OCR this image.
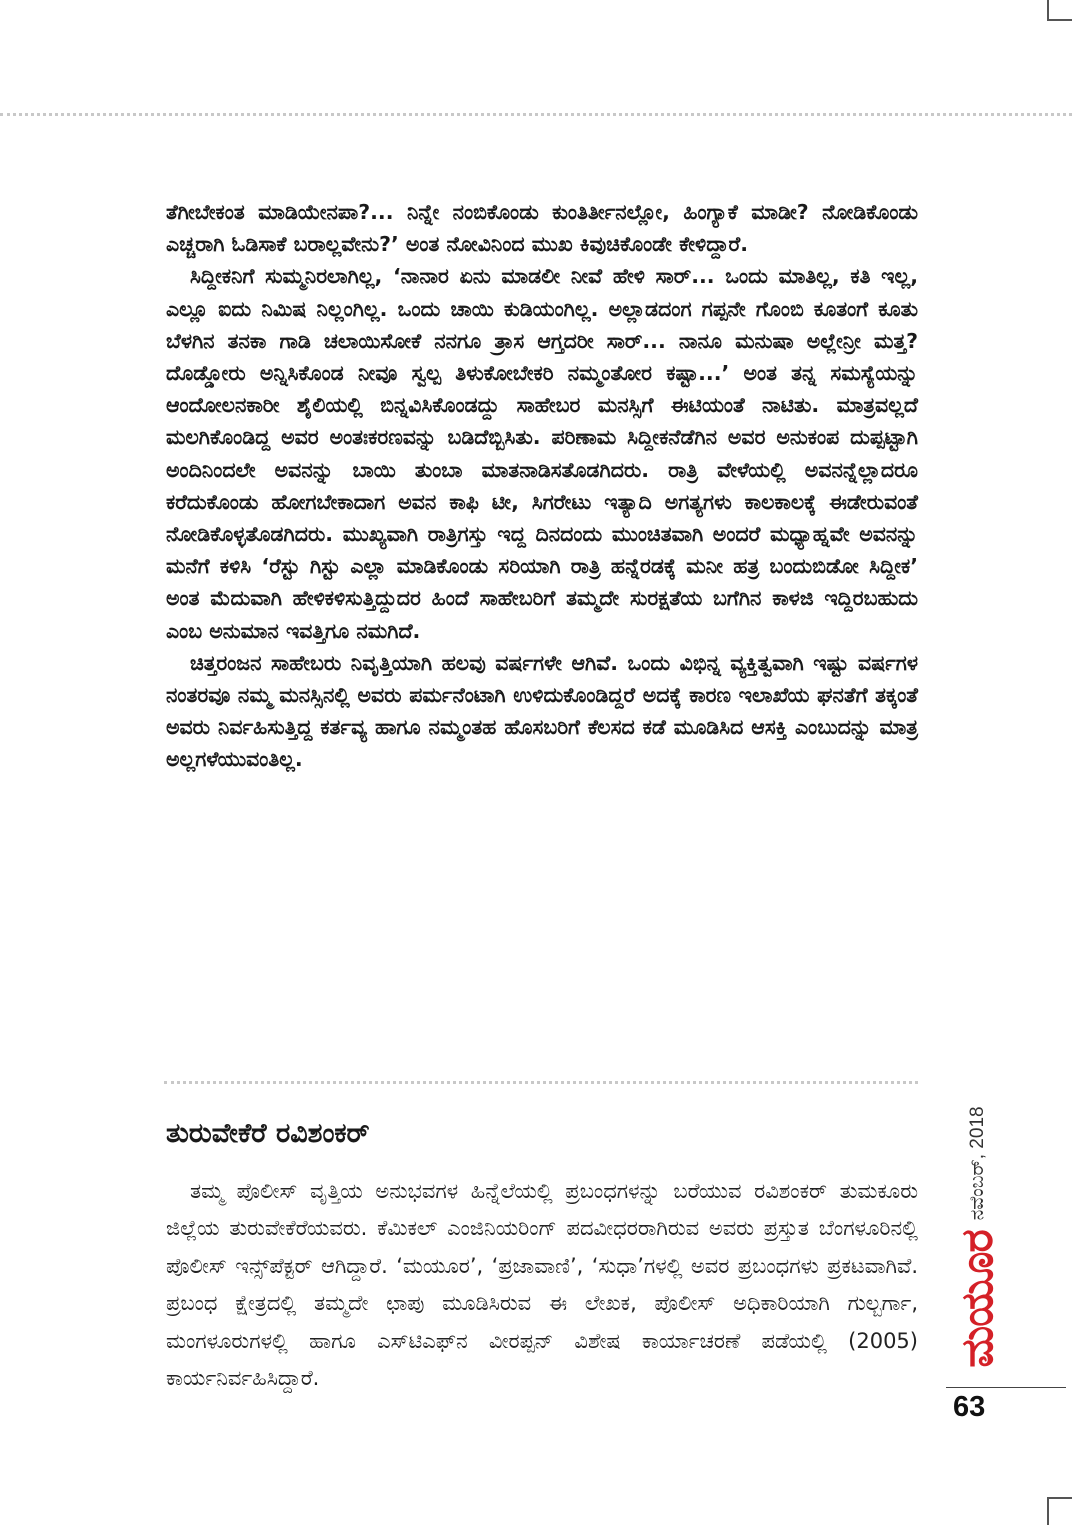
ತೆಗೀಬೇಕಂತ ಮಾಡಿಯೇನಪಾ?... ನಿನ್ನೇ ನಂಬಿಕೊಂಡು ಕುಂತಿರ್ತೀನಲ್ಲೋ, ಹಿಂಗ್ಯಾಕೆ ಮಾಡೀ? ನೋಡಿಕೊಂಡು ಎಚ್ಚರಾಗಿ ಓಡಿಸಾಕೆ ಬರಾಲ್ಲವೇನು?’ ಅಂತ ನೋವಿನಿಂದ ಮುಖ ಕಿವುಚಿಕೊಂಡೇ ಕೇಳಿದ್ದಾರೆ.

ಸಿದ್ದೀಕನಿಗೆ ಸುಮ್ಮನಿರಲಾಗಿಲ್ಲ, ‘ನಾನಾರ ಏನು ಮಾಡಲೀ ನೀವೆ ಹೇಳಿ ಸಾರ್... ಒಂದು ಮಾತಿಲ್ಲ, ಕತಿ ಇಲ್ಲ, ಎಲ್ಲೂ ಐದು ನಿಮಿಷ ನಿಲ್ಲಂಗಿಲ್ಲ. ಒಂದು ಚಾಯಿ ಕುಡಿಯಂಗಿಲ್ಲ. ಅಲ್ಲಾಡದಂಗ ಗಪ್ಪನೇ ಗೊಂಬಿ ಕೂತಂಗೆ ಕೂತು ಬೆಳಗಿನ ತನಕಾ ಗಾಡಿ ಚಲಾಯಿಸೋಕೆ ನನಗೂ ತ್ರಾಸ ಆಗ್ತದರೀ ಸಾರ್... ನಾನೂ ಮನುಷಾ ಅಲ್ಲೇನ್ರೀ ಮತ್ತ? ದೊಡ್ಡೋರು ಅನ್ನಿಸಿಕೊಂಡ ನೀವೂ ಸ್ವಲ್ಪ ತಿಳುಕೋಬೇಕರಿ ನಮ್ಮಂತೋರ ಕಷ್ಟಾ...’ ಅಂತ ತನ್ನ ಸಮಸ್ಯೆಯನ್ನು ಆಂದೋಲನಕಾರೀ ಶೈಲಿಯಲ್ಲಿ ಬಿನ್ನವಿಸಿಕೊಂಡದ್ದು ಸಾಹೇಬರ ಮನಸ್ಸಿಗೆ ಈಟಿಯಂತೆ ನಾಟಿತು. ಮಾತ್ರವಲ್ಲದೆ ಮಲಗಿಕೊಂಡಿದ್ದ ಅವರ ಅಂತಃಕರಣವನ್ನು ಬಡಿದೆಬ್ಬಿಸಿತು. ಪರಿಣಾಮ ಸಿದ್ದೀಕನೆಡೆಗಿನ ಅವರ ಅನುಕಂಪ ದುಪ್ಪಟ್ಟಾಗಿ ಅಂದಿನಿಂದಲೇ ಅವನನ್ನು ಬಾಯಿ ತುಂಬಾ ಮಾತನಾಡಿಸತೊಡಗಿದರು. ರಾತ್ರಿ ವೇಳೆಯಲ್ಲಿ ಅವನನ್ನೆಲ್ಲಾದರೂ ಕರೆದುಕೊಂಡು ಹೋಗಬೇಕಾದಾಗ ಅವನ ಕಾಫಿ ಟೀ, ಸಿಗರೇಟು ಇತ್ಯಾದಿ ಅಗತ್ಯಗಳು ಕಾಲಕಾಲಕ್ಕೆ ಈಡೇರುವಂತೆ ನೋಡಿಕೊಳ್ಳತೊಡಗಿದರು. ಮುಖ್ಯವಾಗಿ ರಾತ್ರಿಗಸ್ತು ಇದ್ದ ದಿನದಂದು ಮುಂಚಿತವಾಗಿ ಅಂದರೆ ಮಧ್ಯಾಹ್ನವೇ ಅವನನ್ನು ಮನೆಗೆ ಕಳಿಸಿ ‘ರೆಸ್ಟು ಗಿಸ್ಟು ಎಲ್ಲಾ ಮಾಡಿಕೊಂಡು ಸರಿಯಾಗಿ ರಾತ್ರಿ ಹನ್ನೆರಡಕ್ಕೆ ಮನೀ ಹತ್ರ ಬಂದುಬಿಡೋ ಸಿದ್ದೀಕ’ ಅಂತ ಮೆದುವಾಗಿ ಹೇಳಿಕಳಿಸುತ್ತಿದ್ದುದರ ಹಿಂದೆ ಸಾಹೇಬರಿಗೆ ತಮ್ಮದೇ ಸುರಕ್ಷತೆಯ ಬಗೆಗಿನ ಕಾಳಜಿ ಇದ್ದಿರಬಹುದು ಎಂಬ ಅನುಮಾನ ಇವತ್ತಿಗೂ ನಮಗಿದೆ.

ಚಿತ್ತರಂಜನ ಸಾಹೇಬರು ನಿವೃತ್ತಿಯಾಗಿ ಹಲವು ವರ್ಷಗಳೇ ಆಗಿವೆ. ಒಂದು ವಿಭಿನ್ನ ವ್ಯಕ್ತಿತ್ವವಾಗಿ ಇಷ್ಟು ವರ್ಷಗಳ ನಂತರವೂ ನಮ್ಮ ಮನಸ್ಸಿನಲ್ಲಿ ಅವರು ಪರ್ಮನೆಂಟಾಗಿ ಉಳಿದುಕೊಂಡಿದ್ದರೆ ಅದಕ್ಕೆ ಕಾರಣ ಇಲಾಖೆಯ ಘನತೆಗೆ ತಕ್ಕಂತೆ ಅವರು ನಿರ್ವಹಿಸುತ್ತಿದ್ದ ಕರ್ತವ್ಯ ಹಾಗೂ ನಮ್ಮಂತಹ ಹೊಸಬರಿಗೆ ಕೆಲಸದ ಕಡೆ ಮೂಡಿಸಿದ ಆಸಕ್ತಿ ಎಂಬುದನ್ನು ಮಾತ್ರ ಅಲ್ಲಗಳೆಯುವಂತಿಲ್ಲ.

ತುರುವೇಕೆರೆ ರವಿಶಂಕರ್

ತಮ್ಮ ಪೊಲೀಸ್ ವೃತ್ತಿಯ ಅನುಭವಗಳ ಹಿನ್ನೆಲೆಯಲ್ಲಿ ಪ್ರಬಂಧಗಳನ್ನು ಬರೆಯುವ ರವಿಶಂಕರ್ ತುಮಕೂರು ಜಿಲ್ಲೆಯ ತುರುವೇಕೆರೆಯವರು. ಕೆಮಿಕಲ್ ಎಂಜಿನಿಯರಿಂಗ್ ಪದವೀಧರರಾಗಿರುವ ಅವರು ಪ್ರಸ್ತುತ ಬೆಂಗಳೂರಿನಲ್ಲಿ ಪೊಲೀಸ್ ಇನ್ಸ್‌ಪೆಕ್ಟರ್ ಆಗಿದ್ದಾರೆ. ‘ಮಯೂರ’, ‘ಪ್ರಜಾವಾಣಿ’, ‘ಸುಧಾ’ಗಳಲ್ಲಿ ಅವರ ಪ್ರಬಂಧಗಳು ಪ್ರಕಟವಾಗಿವೆ. ಪ್ರಬಂಧ ಕ್ಷೇತ್ರದಲ್ಲಿ ತಮ್ಮದೇ ಛಾಪು ಮೂಡಿಸಿರುವ ಈ ಲೇಖಕ, ಪೊಲೀಸ್ ಅಧಿಕಾರಿಯಾಗಿ ಗುಲ್ಬರ್ಗಾ, ಮಂಗಳೂರುಗಳಲ್ಲಿ ಹಾಗೂ ಎಸ್‌ಟಿಎಫ್‌ನ ವೀರಪ್ಪನ್ ವಿಶೇಷ ಕಾರ್ಯಾಚರಣೆ ಪಡೆಯಲ್ಲಿ (2005) ಕಾರ್ಯನಿರ್ವಹಿಸಿದ್ದಾರೆ.

ಮಯೂರ
ನವೆಂಬರ್, 2018
63
